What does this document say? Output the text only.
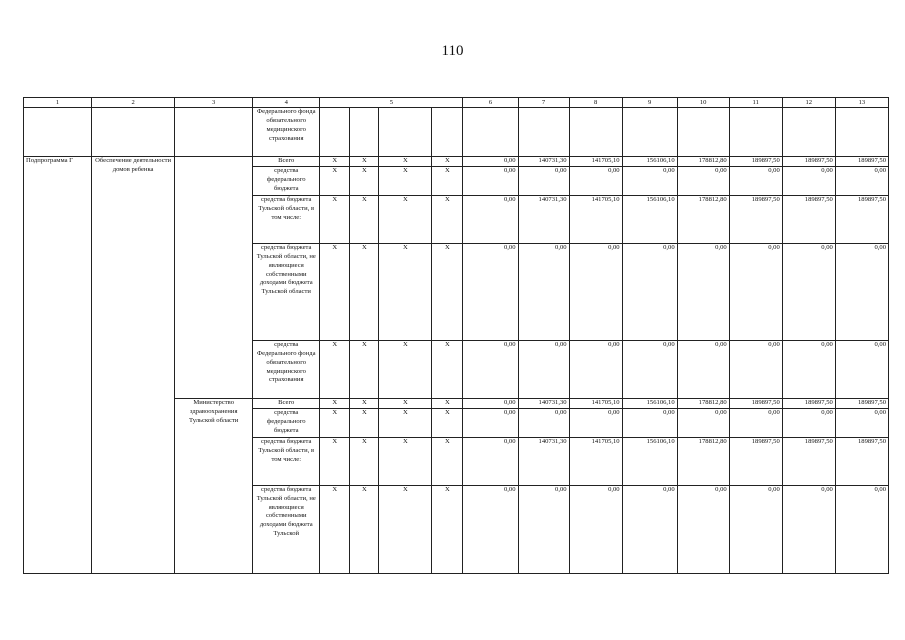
110
1	2	3	4	5				6	7	8	9	10	11	12	13
			Федерального фонда обязательного медицинского страхования												
Подпрограмма Г	Обеспечение деятельности домов ребенка		Всего	X	X	X	X	0,00	140731,30	141705,10	156106,10	178812,80	189897,50	189897,50	189897,50
			средства федерального бюджета	X	X	X	X	0,00	0,00	0,00	0,00	0,00	0,00	0,00	0,00
			средства бюджета Тульской области, в том числе:	X	X	X	X	0,00	140731,30	141705,10	156106,10	178812,80	189897,50	189897,50	189897,50
			средства бюджета Тульской области, не являющиеся собственными доходами бюджета Тульской области	X	X	X	X	0,00	0,00	0,00	0,00	0,00	0,00	0,00	0,00
			средства Федерального фонда обязательного медицинского страхования	X	X	X	X	0,00	0,00	0,00	0,00	0,00	0,00	0,00	0,00
		Министерство здравоохранения Тульской области	Всего	X	X	X	X	0,00	140731,30	141705,10	156106,10	178812,80	189897,50	189897,50	189897,50
			средства федерального бюджета	X	X	X	X	0,00	0,00	0,00	0,00	0,00	0,00	0,00	0,00
			средства бюджета Тульской области, в том числе:	X	X	X	X	0,00	140731,30	141705,10	156106,10	178812,80	189897,50	189897,50	189897,50
			средства бюджета Тульской области, не являющиеся собственными доходами бюджета Тульской	X	X	X	X	0,00	0,00	0,00	0,00	0,00	0,00	0,00	0,00
